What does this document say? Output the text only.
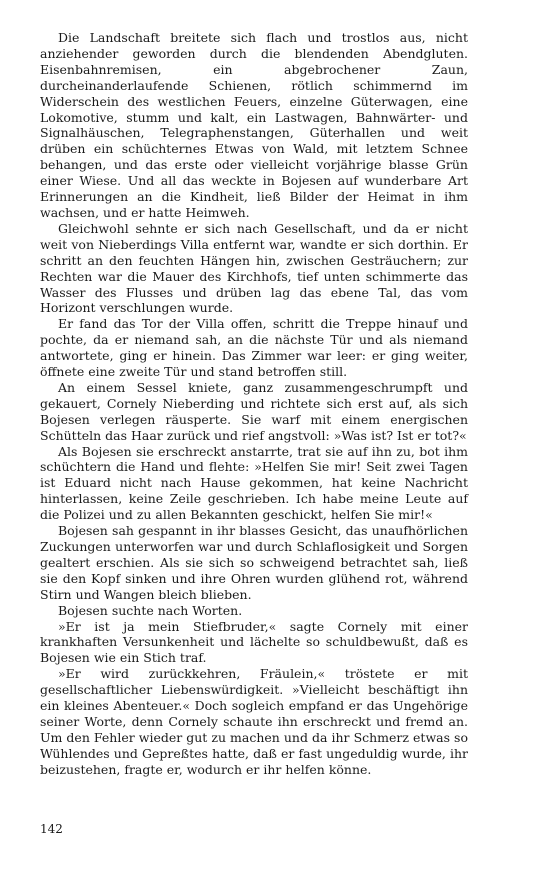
Die Landschaft breitete sich flach und trostlos aus, nicht anziehender geworden durch die blendenden Abendgluten. Eisenbahnremisen, ein abgebrochener Zaun, durcheinanderlaufende Schienen, rötlich schimmernd im Widerschein des westlichen Feuers, einzelne Güterwagen, eine Lokomotive, stumm und kalt, ein Lastwagen, Bahnwärter- und Signalhäuschen, Telegraphenstangen, Güterhallen und weit drüben ein schüchternes Etwas von Wald, mit letztem Schnee behangen, und das erste oder vielleicht vorjährige blasse Grün einer Wiese. Und all das weckte in Bojesen auf wunderbare Art Erinnerungen an die Kindheit, ließ Bilder der Heimat in ihm wachsen, und er hatte Heimweh.

Gleichwohl sehnte er sich nach Gesellschaft, und da er nicht weit von Nieberdings Villa entfernt war, wandte er sich dorthin. Er schritt an den feuchten Hängen hin, zwischen Gesträuchern; zur Rechten war die Mauer des Kirchhofs, tief unten schimmerte das Wasser des Flusses und drüben lag das ebene Tal, das vom Horizont verschlungen wurde.

Er fand das Tor der Villa offen, schritt die Treppe hinauf und pochte, da er niemand sah, an die nächste Tür und als niemand antwortete, ging er hinein. Das Zimmer war leer: er ging weiter, öffnete eine zweite Tür und stand betroffen still.

An einem Sessel kniete, ganz zusammengeschrumpft und gekauert, Cornely Nieberding und richtete sich erst auf, als sich Bojesen verlegen räusperte. Sie warf mit einem energischen Schütteln das Haar zurück und rief angstvoll: »Was ist? Ist er tot?«

Als Bojesen sie erschreckt anstarrte, trat sie auf ihn zu, bot ihm schüchtern die Hand und flehte: »Helfen Sie mir! Seit zwei Tagen ist Eduard nicht nach Hause gekommen, hat keine Nachricht hinterlassen, keine Zeile geschrieben. Ich habe meine Leute auf die Polizei und zu allen Bekannten geschickt, helfen Sie mir!«

Bojesen sah gespannt in ihr blasses Gesicht, das unaufhörlichen Zuckungen unterworfen war und durch Schlaflosigkeit und Sorgen gealtert erschien. Als sie sich so schweigend betrachtet sah, ließ sie den Kopf sinken und ihre Ohren wurden glühend rot, während Stirn und Wangen bleich blieben.

Bojesen suchte nach Worten.

»Er ist ja mein Stiefbruder,« sagte Cornely mit einer krankhaften Versunkenheit und lächelte so schuldbewußt, daß es Bojesen wie ein Stich traf.

»Er wird zurückkehren, Fräulein,« tröstete er mit gesellschaftlicher Liebenswürdigkeit. »Vielleicht beschäftigt ihn ein kleines Abenteuer.« Doch sogleich empfand er das Ungehörige seiner Worte, denn Cornely schaute ihn erschreckt und fremd an. Um den Fehler wieder gut zu machen und da ihr Schmerz etwas so Wühlendes und Gepreßtes hatte, daß er fast ungeduldig wurde, ihr beizustehen, fragte er, wodurch er ihr helfen könne.

142
